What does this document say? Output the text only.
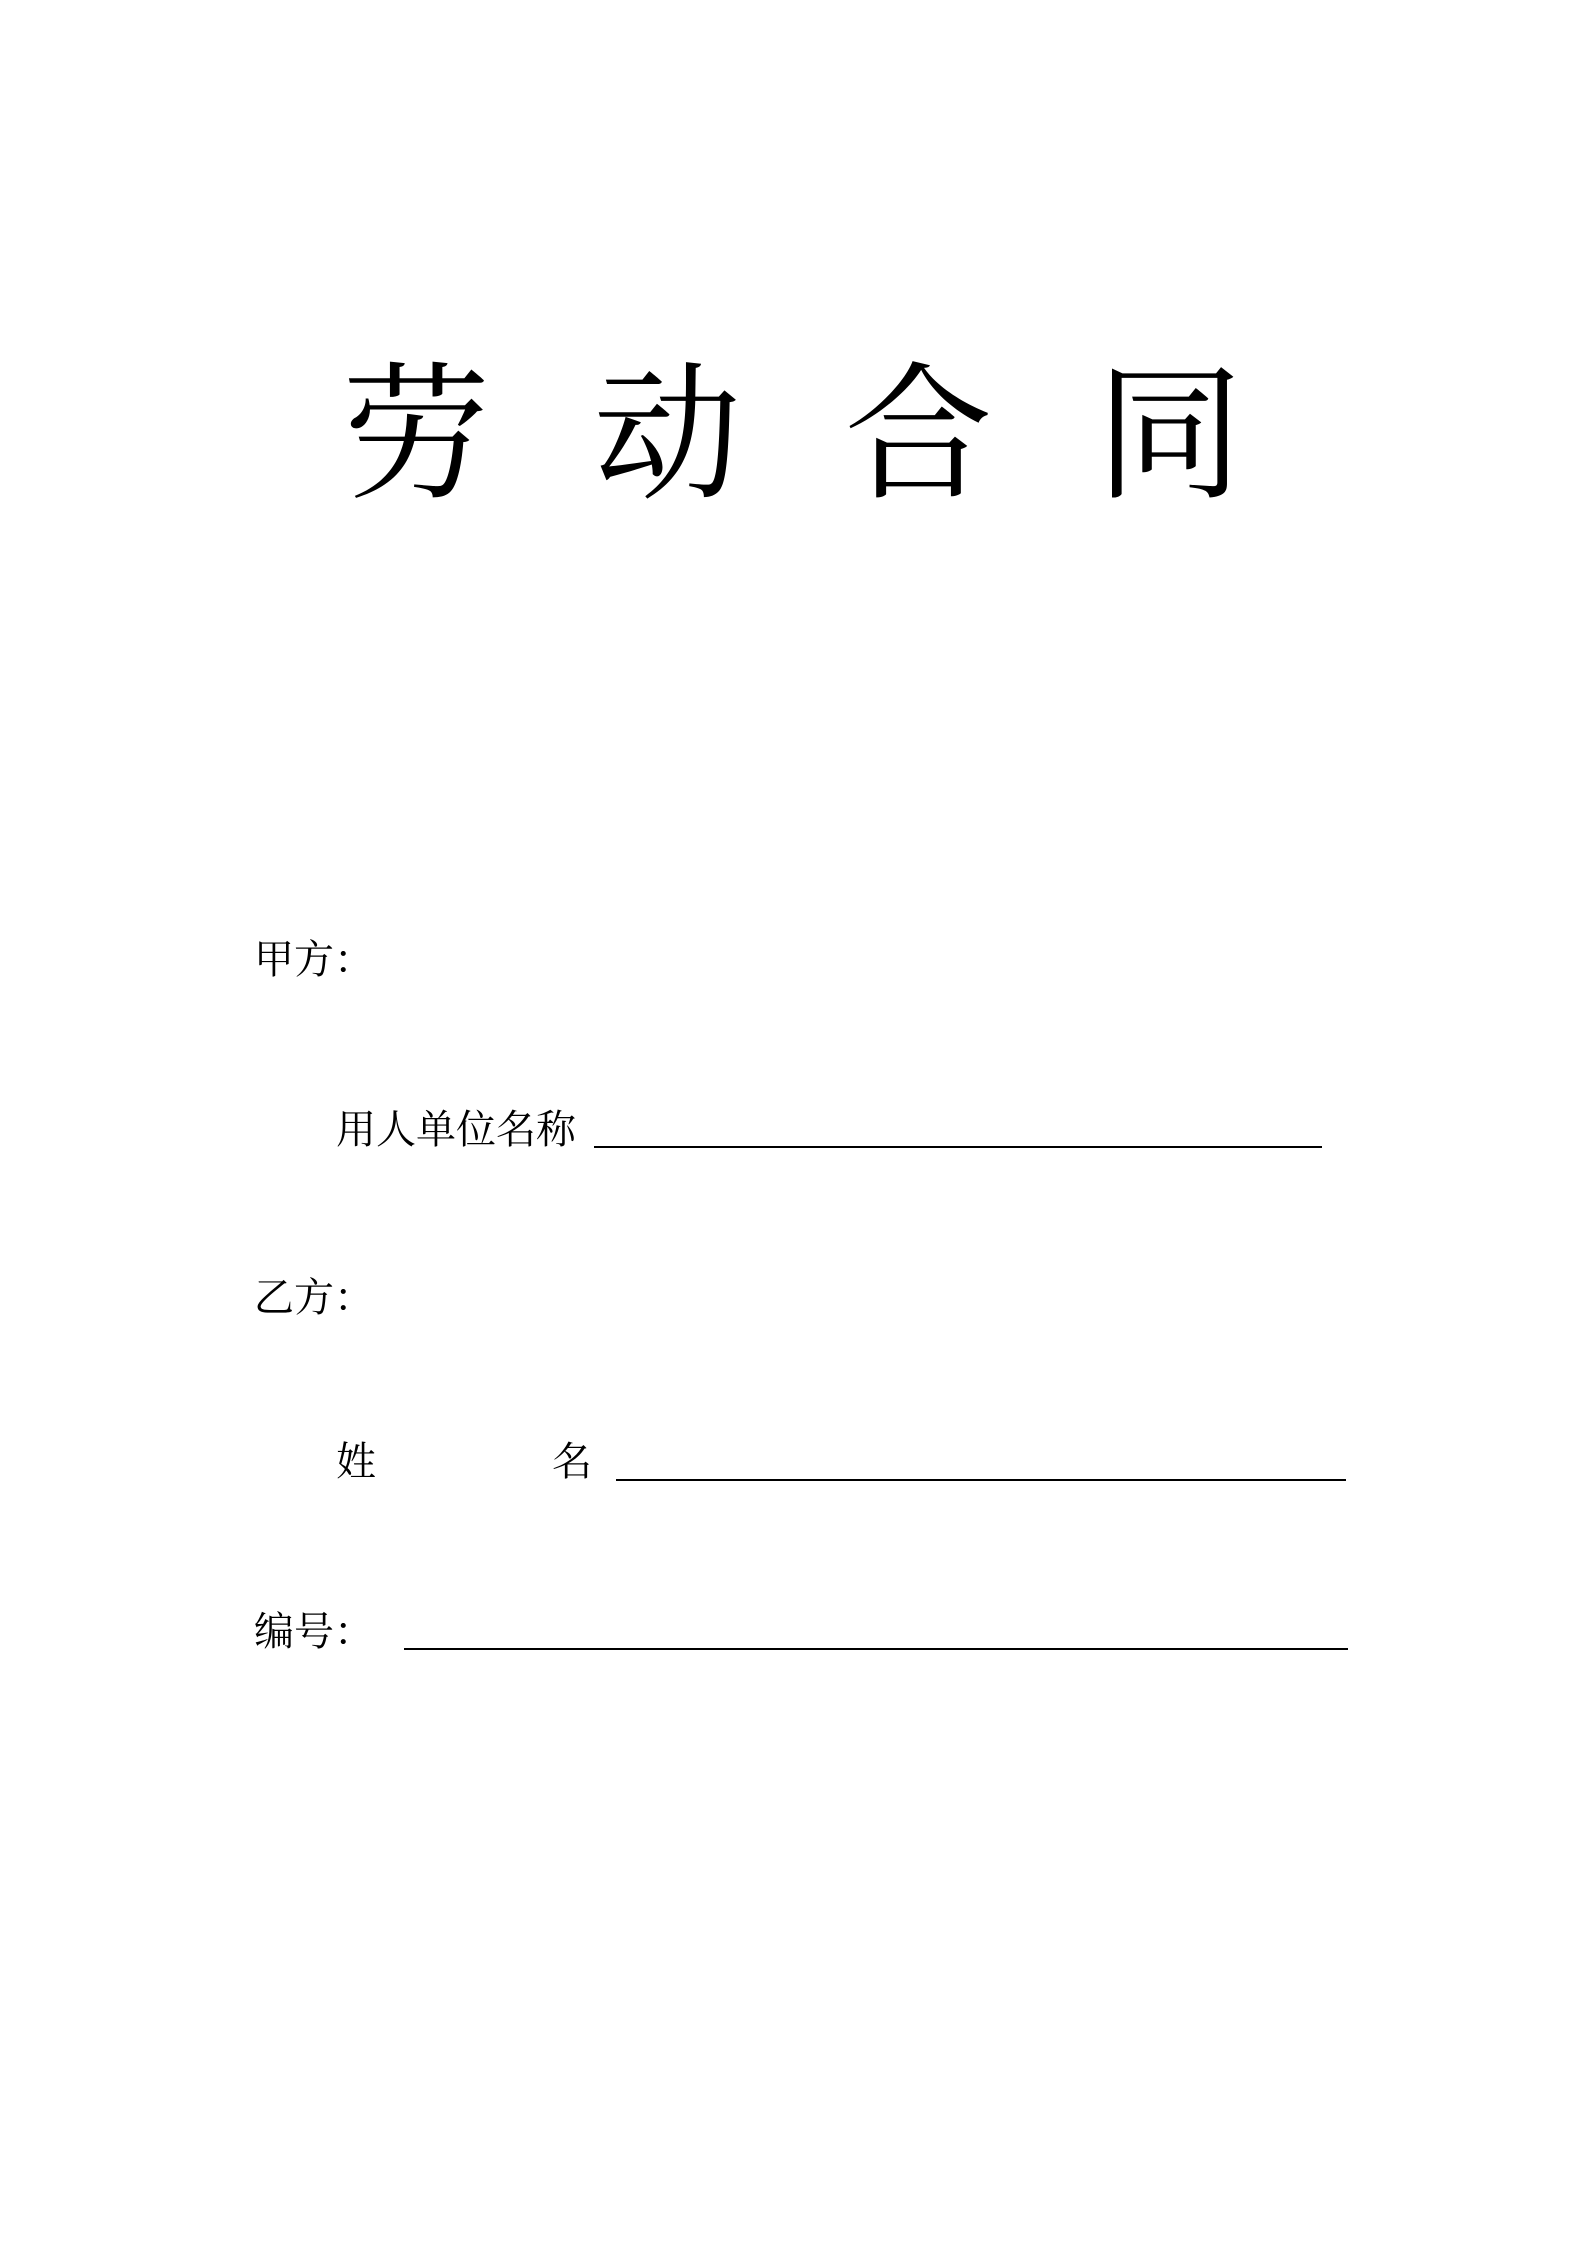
劳 动 合 同
甲方：
用人单位名称
乙方：
姓	名
编号：
